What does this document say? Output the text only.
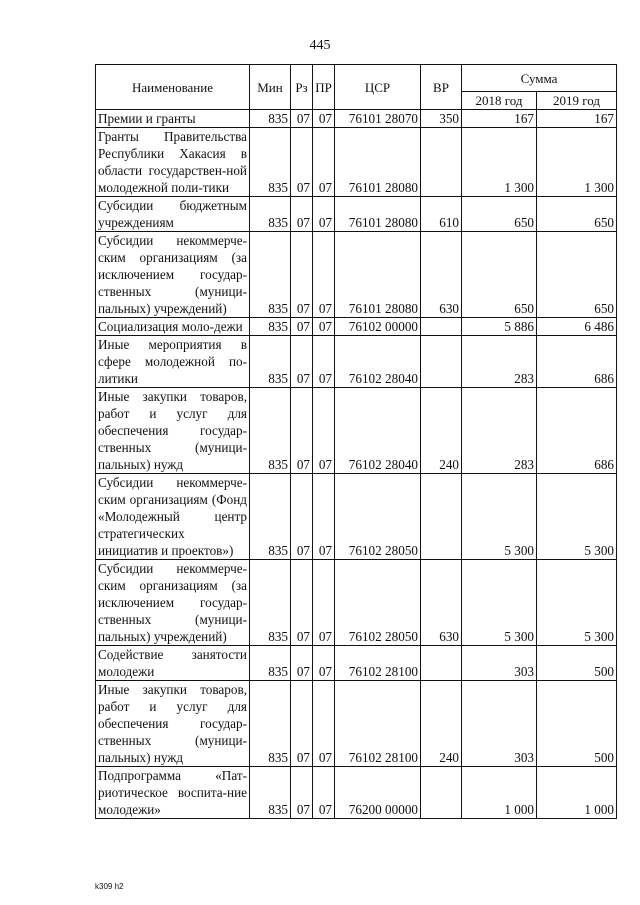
445
Наименование	Мин	Рз	ПР	ЦСР	ВР	Сумма	
						2018 год	2019 год
Премии и гранты	835	07	07	76101 28070	350	167	167
Гранты Правительства Республики Хакасия в области государствен-ной молодежной поли-тики	835	07	07	76101 28080		1 300	1 300
Субсидии бюджетным учреждениям	835	07	07	76101 28080	610	650	650
Субсидии некоммерче-ским организациям (за исключением государ-ственных (муници-пальных) учреждений)	835	07	07	76101 28080	630	650	650
Социализация моло-дежи	835	07	07	76102 00000		5 886	6 486
Иные мероприятия в сфере молодежной по-литики	835	07	07	76102 28040		283	686
Иные закупки товаров, работ и услуг для обеспечения государ-ственных (муници-пальных) нужд	835	07	07	76102 28040	240	283	686
Субсидии некоммерче-ским организациям (Фонд «Молодежный центр стратегических инициатив и проектов»)	835	07	07	76102 28050		5 300	5 300
Субсидии некоммерче-ским организациям (за исключением государ-ственных (муници-пальных) учреждений)	835	07	07	76102 28050	630	5 300	5 300
Содействие занятости молодежи	835	07	07	76102 28100		303	500
Иные закупки товаров, работ и услуг для обеспечения государ-ственных (муници-пальных) нужд	835	07	07	76102 28100	240	303	500
Подпрограмма «Пат-риотическое воспита-ние молодежи»	835	07	07	76200 00000		1 000	1 000
k309 h2
